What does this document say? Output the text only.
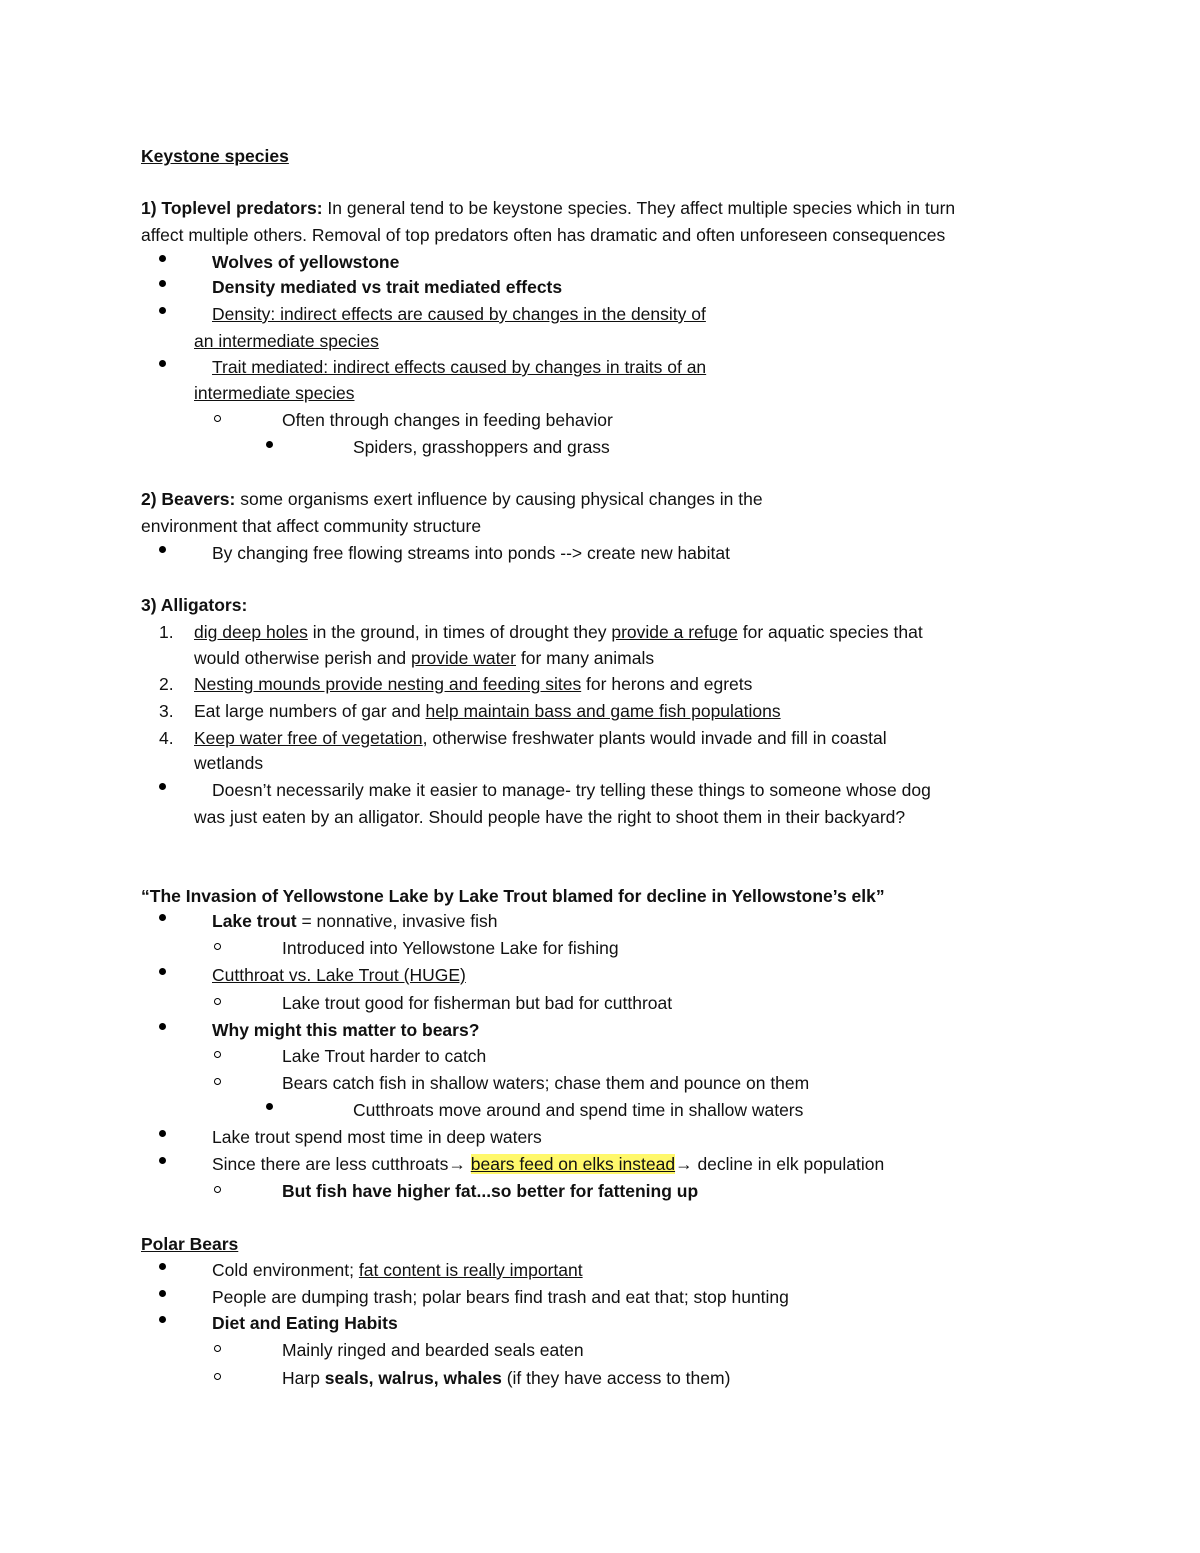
Keystone species
1) Toplevel predators: In general tend to be keystone species. They affect multiple species which in turn
affect multiple others. Removal of top predators often has dramatic and often unforeseen consequences
Wolves of yellowstone
Density mediated vs trait mediated effects
Density: indirect effects are caused by changes in the density of
an intermediate species
Trait mediated: indirect effects caused by changes in traits of an
intermediate species
Often through changes in feeding behavior
Spiders, grasshoppers and grass
2) Beavers: some organisms exert influence by causing physical changes in the
environment that affect community structure
By changing free flowing streams into ponds --> create new habitat
3) Alligators:
1. dig deep holes in the ground, in times of drought they provide a refuge for aquatic species that
would otherwise perish and provide water for many animals
2. Nesting mounds provide nesting and feeding sites for herons and egrets
3. Eat large numbers of gar and help maintain bass and game fish populations
4. Keep water free of vegetation, otherwise freshwater plants would invade and fill in coastal
wetlands
Doesn’t necessarily make it easier to manage- try telling these things to someone whose dog
was just eaten by an alligator. Should people have the right to shoot them in their backyard?
“The Invasion of Yellowstone Lake by Lake Trout blamed for decline in Yellowstone’s elk”
Lake trout = nonnative, invasive fish
Introduced into Yellowstone Lake for fishing
Cutthroat vs. Lake Trout (HUGE)
Lake trout good for fisherman but bad for cutthroat
Why might this matter to bears?
Lake Trout harder to catch
Bears catch fish in shallow waters; chase them and pounce on them
Cutthroats move around and spend time in shallow waters
Lake trout spend most time in deep waters
Since there are less cutthroats→ bears feed on elks instead→ decline in elk population
But fish have higher fat...so better for fattening up
Polar Bears
Cold environment; fat content is really important
People are dumping trash; polar bears find trash and eat that; stop hunting
Diet and Eating Habits
Mainly ringed and bearded seals eaten
Harp seals, walrus, whales (if they have access to them)
